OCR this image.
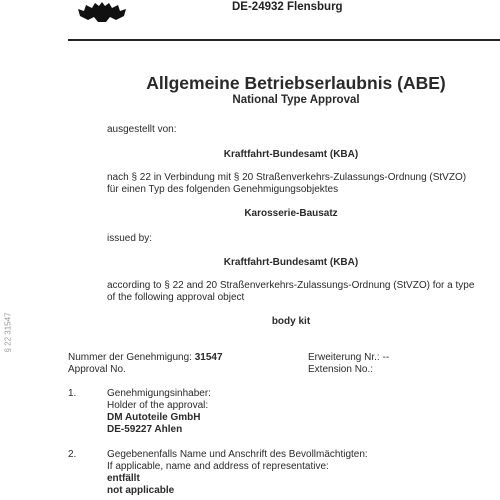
DE-24932 Flensburg
Allgemeine Betriebserlaubnis (ABE)
National Type Approval
ausgestellt von:
Kraftfahrt-Bundesamt (KBA)
nach § 22 in Verbindung mit § 20 Straßenverkehrs-Zulassungs-Ordnung (StVZO)
für einen Typ des folgenden Genehmigungsobjektes
Karosserie-Bausatz
issued by:
Kraftfahrt-Bundesamt (KBA)
according to § 22 and 20 Straßenverkehrs-Zulassungs-Ordnung (StVZO) for a type
of the following approval object
body kit
Nummer der Genehmigung: 31547
Approval No.
Erweiterung Nr.: --
Extension No.:
1.	Genehmigungsinhaber:
Holder of the approval:
DM Autoteile GmbH
DE-59227 Ahlen
2.	Gegebenenfalls Name und Anschrift des Bevollmächtigten:
If applicable, name and address of representative:
entfällt
not applicable
§ 22 31547
